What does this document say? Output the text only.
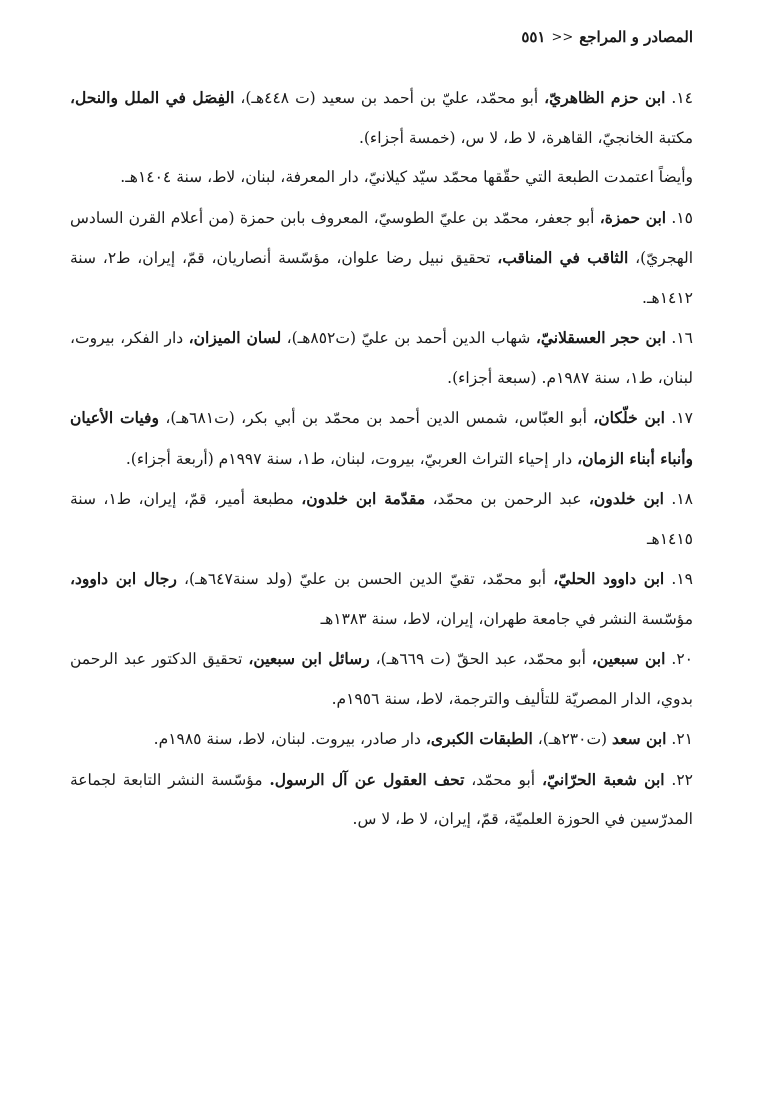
المصادر و المراجع
<<
٥٥١

١٤. ابن حزم الظاهريّ، أبو محمّد، عليّ بن أحمد بن سعيد (ت ٤٤٨هـ)، الفِصَل في الملل والنحل، مكتبة الخانجيّ، القاهرة، لا ط، لا س، (خمسة أجزاء).
وأيضاً اعتمدت الطبعة التي حقّقها محمّد سيّد كيلانيّ، دار المعرفة، لبنان، لاط، سنة ١٤٠٤هـ.

١٥. ابن حمزة، أبو جعفر، محمّد بن عليّ الطوسيّ، المعروف بابن حمزة (من أعلام القرن السادس الهجريّ)، الثاقب في المناقب، تحقيق نبيل رضا علوان، مؤسّسة أنصاريان، قمّ، إيران، ط٢، سنة ١٤١٢هـ.

١٦. ابن حجر العسقلانيّ، شهاب الدين أحمد بن عليّ (ت٨٥٢هـ)، لسان الميزان، دار الفكر، بيروت، لبنان، ط١، سنة ١٩٨٧م. (سبعة أجزاء).

١٧. ابن خلّكان، أبو العبّاس، شمس الدين أحمد بن محمّد بن أبي بكر، (ت٦٨١هـ)، وفيات الأعيان وأنباء أبناء الزمان، دار إحياء التراث العربيّ، بيروت، لبنان، ط١، سنة ١٩٩٧م (أربعة أجزاء).

١٨. ابن خلدون، عبد الرحمن بن محمّد، مقدّمة ابن خلدون، مطبعة أمير، قمّ، إيران، ط١، سنة ١٤١٥هـ

١٩. ابن داوود الحليّ، أبو محمّد، تقيّ الدين الحسن بن عليّ (ولد سنة٦٤٧هـ)، رجال ابن داوود، مؤسّسة النشر في جامعة طهران، إيران، لاط، سنة ١٣٨٣هـ

٢٠. ابن سبعين، أبو محمّد، عبد الحقّ (ت ٦٦٩هـ)، رسائل ابن سبعين، تحقيق الدكتور عبد الرحمن بدوي، الدار المصريّة للتأليف والترجمة، لاط، سنة ١٩٥٦م.

٢١. ابن سعد (ت٢٣٠هـ)، الطبقات الكبرى، دار صادر، بيروت. لبنان، لاط، سنة ١٩٨٥م.

٢٢. ابن شعبة الحرّانيّ، أبو محمّد، تحف العقول عن آل الرسول. مؤسّسة النشر التابعة لجماعة المدرّسين في الحوزة العلميّة، قمّ، إيران، لا ط، لا س.
